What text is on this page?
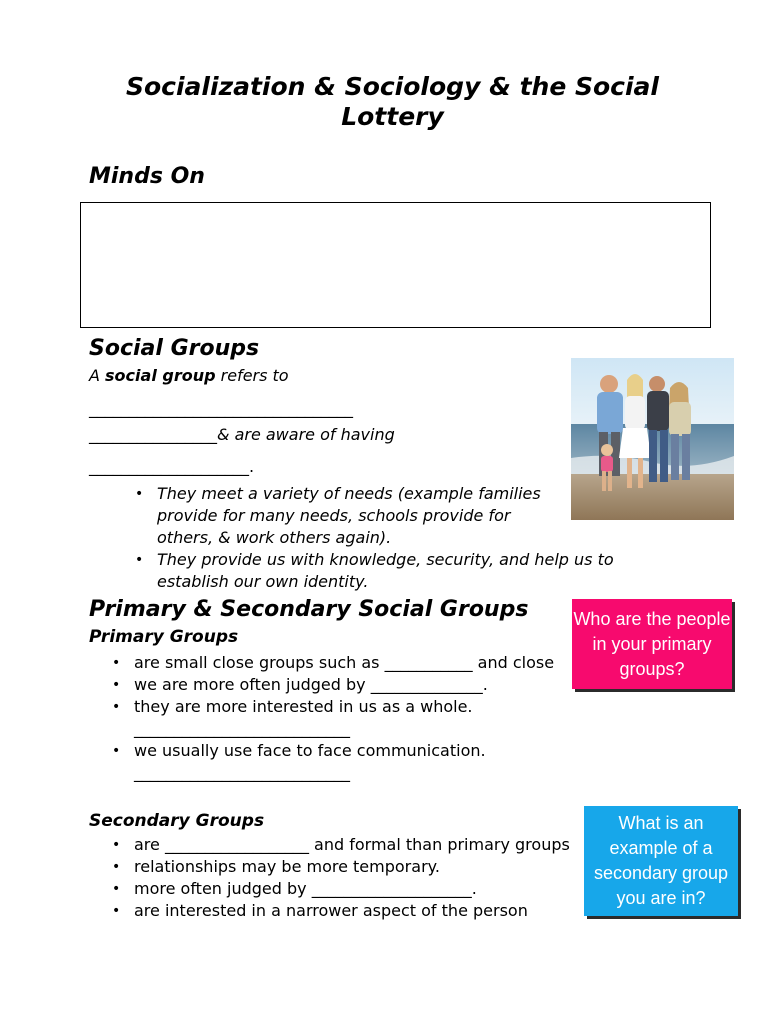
Socialization & Sociology & the Social Lottery
Minds On
Social Groups
A social group refers to
_________________________________
________________& are aware of having
____________________.
• They meet a variety of needs (example families provide for many needs, schools provide for others, & work others again).
• They provide us with knowledge, security, and help us to establish our own identity.
Primary & Secondary Social Groups
Primary Groups
• are small close groups such as ___________ and close
• we are more often judged by ______________.
• they are more interested in us as a whole.
___________________________
• we usually use face to face communication.
___________________________
Secondary Groups
• are __________________ and formal than primary groups
• relationships may be more temporary.
• more often judged by ____________________.
• are interested in a narrower aspect of the person
Who are the people in your primary groups?
What is an example of a secondary group you are in?
